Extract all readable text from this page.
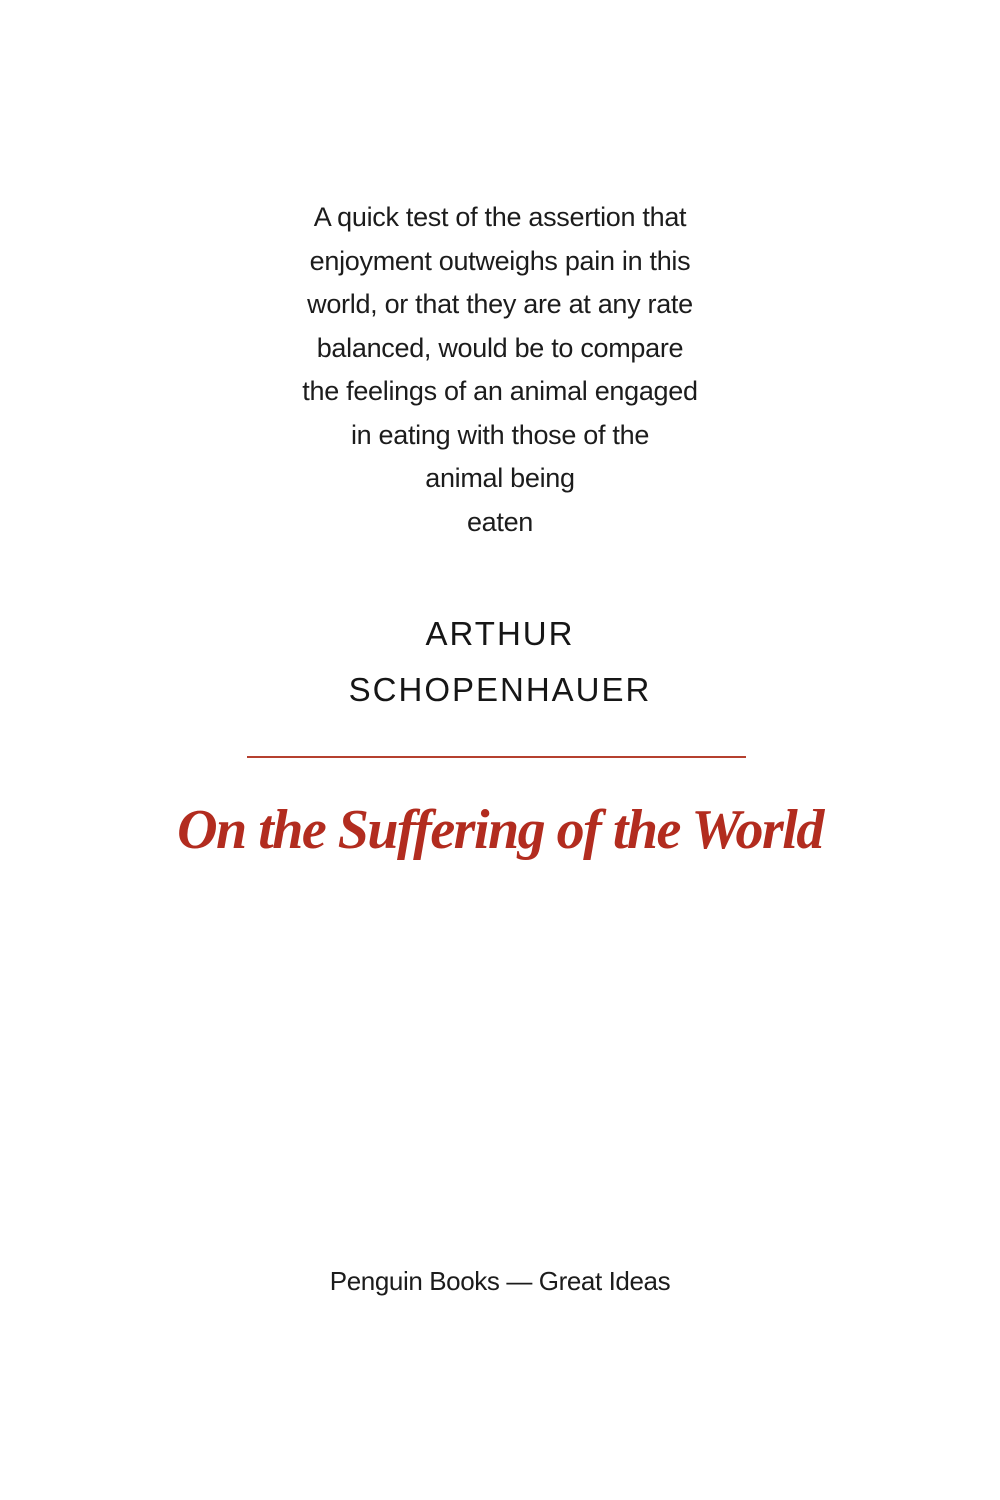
A quick test of the assertion that
enjoyment outweighs pain in this
world, or that they are at any rate
balanced, would be to compare
the feelings of an animal engaged
in eating with those of the
animal being
eaten
ARTHUR
SCHOPENHAUER
On the Suffering of the World
Penguin Books — Great Ideas
